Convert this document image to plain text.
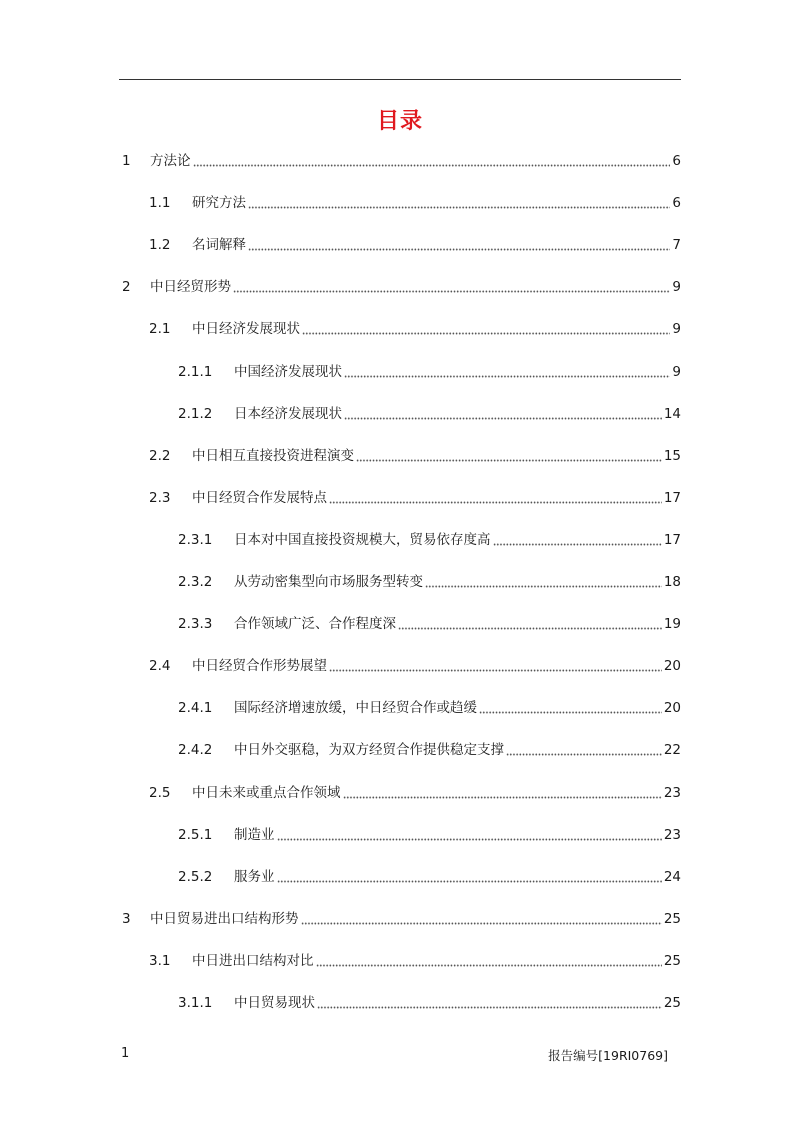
目录
1	方法论	6
1.1	研究方法	6
1.2	名词解释	7
2	中日经贸形势	9
2.1	中日经济发展现状	9
2.1.1	中国经济发展现状	9
2.1.2	日本经济发展现状	14
2.2	中日相互直接投资进程演变	15
2.3	中日经贸合作发展特点	17
2.3.1	日本对中国直接投资规模大，贸易依存度高	17
2.3.2	从劳动密集型向市场服务型转变	18
2.3.3	合作领域广泛、合作程度深	19
2.4	中日经贸合作形势展望	20
2.4.1	国际经济增速放缓，中日经贸合作或趋缓	20
2.4.2	中日外交驱稳，为双方经贸合作提供稳定支撑	22
2.5	中日未来或重点合作领域	23
2.5.1	制造业	23
2.5.2	服务业	24
3	中日贸易进出口结构形势	25
3.1	中日进出口结构对比	25
3.1.1	中日贸易现状	25
1	报告编号[19RI0769]
